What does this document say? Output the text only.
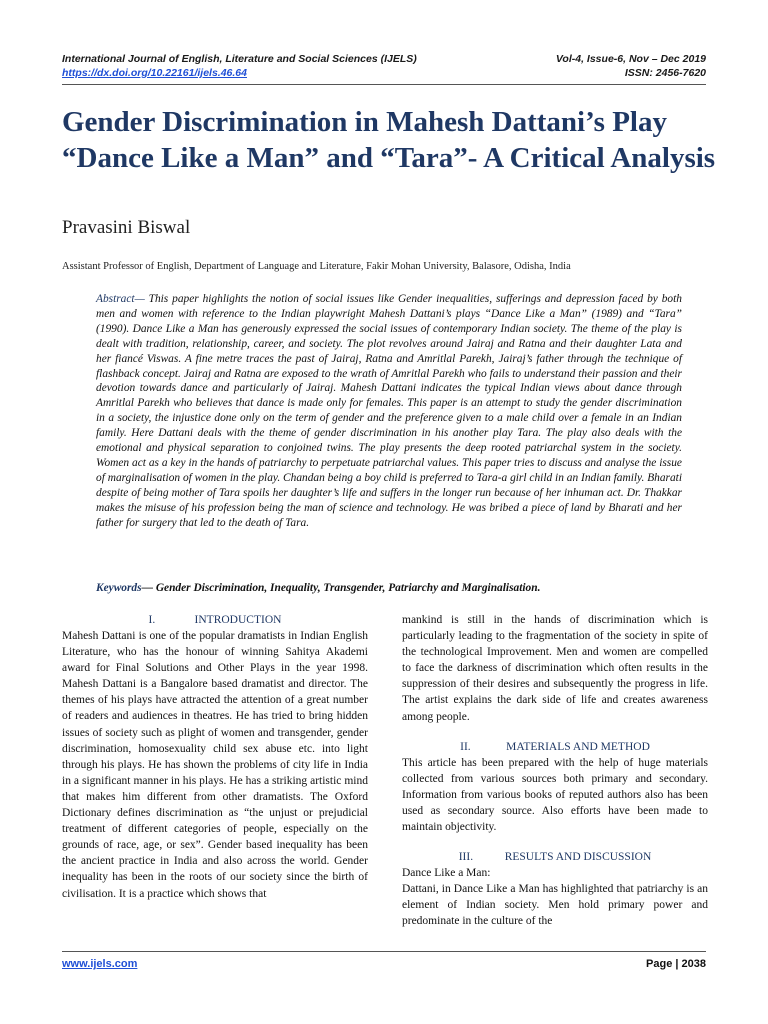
International Journal of English, Literature and Social Sciences (IJELS)	Vol-4, Issue-6, Nov – Dec 2019
https://dx.doi.org/10.22161/ijels.46.64	ISSN: 2456-7620
Gender Discrimination in Mahesh Dattani’s Play “Dance Like a Man” and “Tara”- A Critical Analysis
Pravasini Biswal
Assistant Professor of English, Department of Language and Literature, Fakir Mohan University, Balasore, Odisha, India

Abstract— This paper highlights the notion of social issues like Gender inequalities, sufferings and depression faced by both men and women with reference to the Indian playwright Mahesh Dattani’s plays “Dance Like a Man” (1989) and “Tara” (1990). Dance Like a Man has generously expressed the social issues of contemporary Indian society. The theme of the play is dealt with tradition, relationship, career, and society. The plot revolves around Jairaj and Ratna and their daughter Lata and her fiancé Viswas. A fine metre traces the past of Jairaj, Ratna and Amritlal Parekh, Jairaj’s father through the technique of flashback concept. Jairaj and Ratna are exposed to the wrath of Amritlal Parekh who fails to understand their passion and their devotion towards dance and particularly of Jairaj. Mahesh Dattani indicates the typical Indian views about dance through Amritlal Parekh who believes that dance is made only for females. This paper is an attempt to study the gender discrimination in a society, the injustice done only on the term of gender and the preference given to a male child over a female in an Indian family. Here Dattani deals with the theme of gender discrimination in his another play Tara. The play also deals with the emotional and physical separation to conjoined twins. The play presents the deep rooted patriarchal system in the society. Women act as a key in the hands of patriarchy to perpetuate patriarchal values. This paper tries to discuss and analyse the issue of marginalisation of women in the play. Chandan being a boy child is preferred to Tara-a girl child in an Indian family. Bharati despite of being mother of Tara spoils her daughter’s life and suffers in the longer run because of her inhuman act. Dr. Thakkar makes the misuse of his profession being the man of science and technology. He was bribed a piece of land by Bharati and her father for surgery that led to the death of Tara.

Keywords— Gender Discrimination, Inequality, Transgender, Patriarchy and Marginalisation.
I.	INTRODUCTION

Mahesh Dattani is one of the popular dramatists in Indian English Literature, who has the honour of winning Sahitya Akademi award for Final Solutions and Other Plays in the year 1998. Mahesh Dattani is a Bangalore based dramatist and director. The themes of his plays have attracted the attention of a great number of readers and audiences in theatres. He has tried to bring hidden issues of society such as plight of women and transgender, gender discrimination, homosexuality child sex abuse etc. into light through his plays. He has shown the problems of city life in India in a significant manner in his plays. He has a striking artistic mind that makes him different from other dramatists. The Oxford Dictionary defines discrimination as “the unjust or prejudicial treatment of different categories of people, especially on the grounds of race, age, or sex”. Gender based inequality has been the ancient practice in India and also across the world. Gender inequality has been in the roots of our society since the birth of civilisation. It is a practice which shows that

mankind is still in the hands of discrimination which is particularly leading to the fragmentation of the society in spite of the technological Improvement. Men and women are compelled to face the darkness of discrimination which often results in the suppression of their desires and subsequently the progress in life. The artist explains the dark side of life and creates awareness among people.

II.	MATERIALS AND METHOD

This article has been prepared with the help of huge materials collected from various sources both primary and secondary. Information from various books of reputed authors also has been used as secondary source. Also efforts have been made to maintain objectivity.

III.	RESULTS AND DISCUSSION

Dance Like a Man:

Dattani, in Dance Like a Man has highlighted that patriarchy is an element of Indian society. Men hold primary power and predominate in the culture of the

www.ijels.com	Page | 2038
